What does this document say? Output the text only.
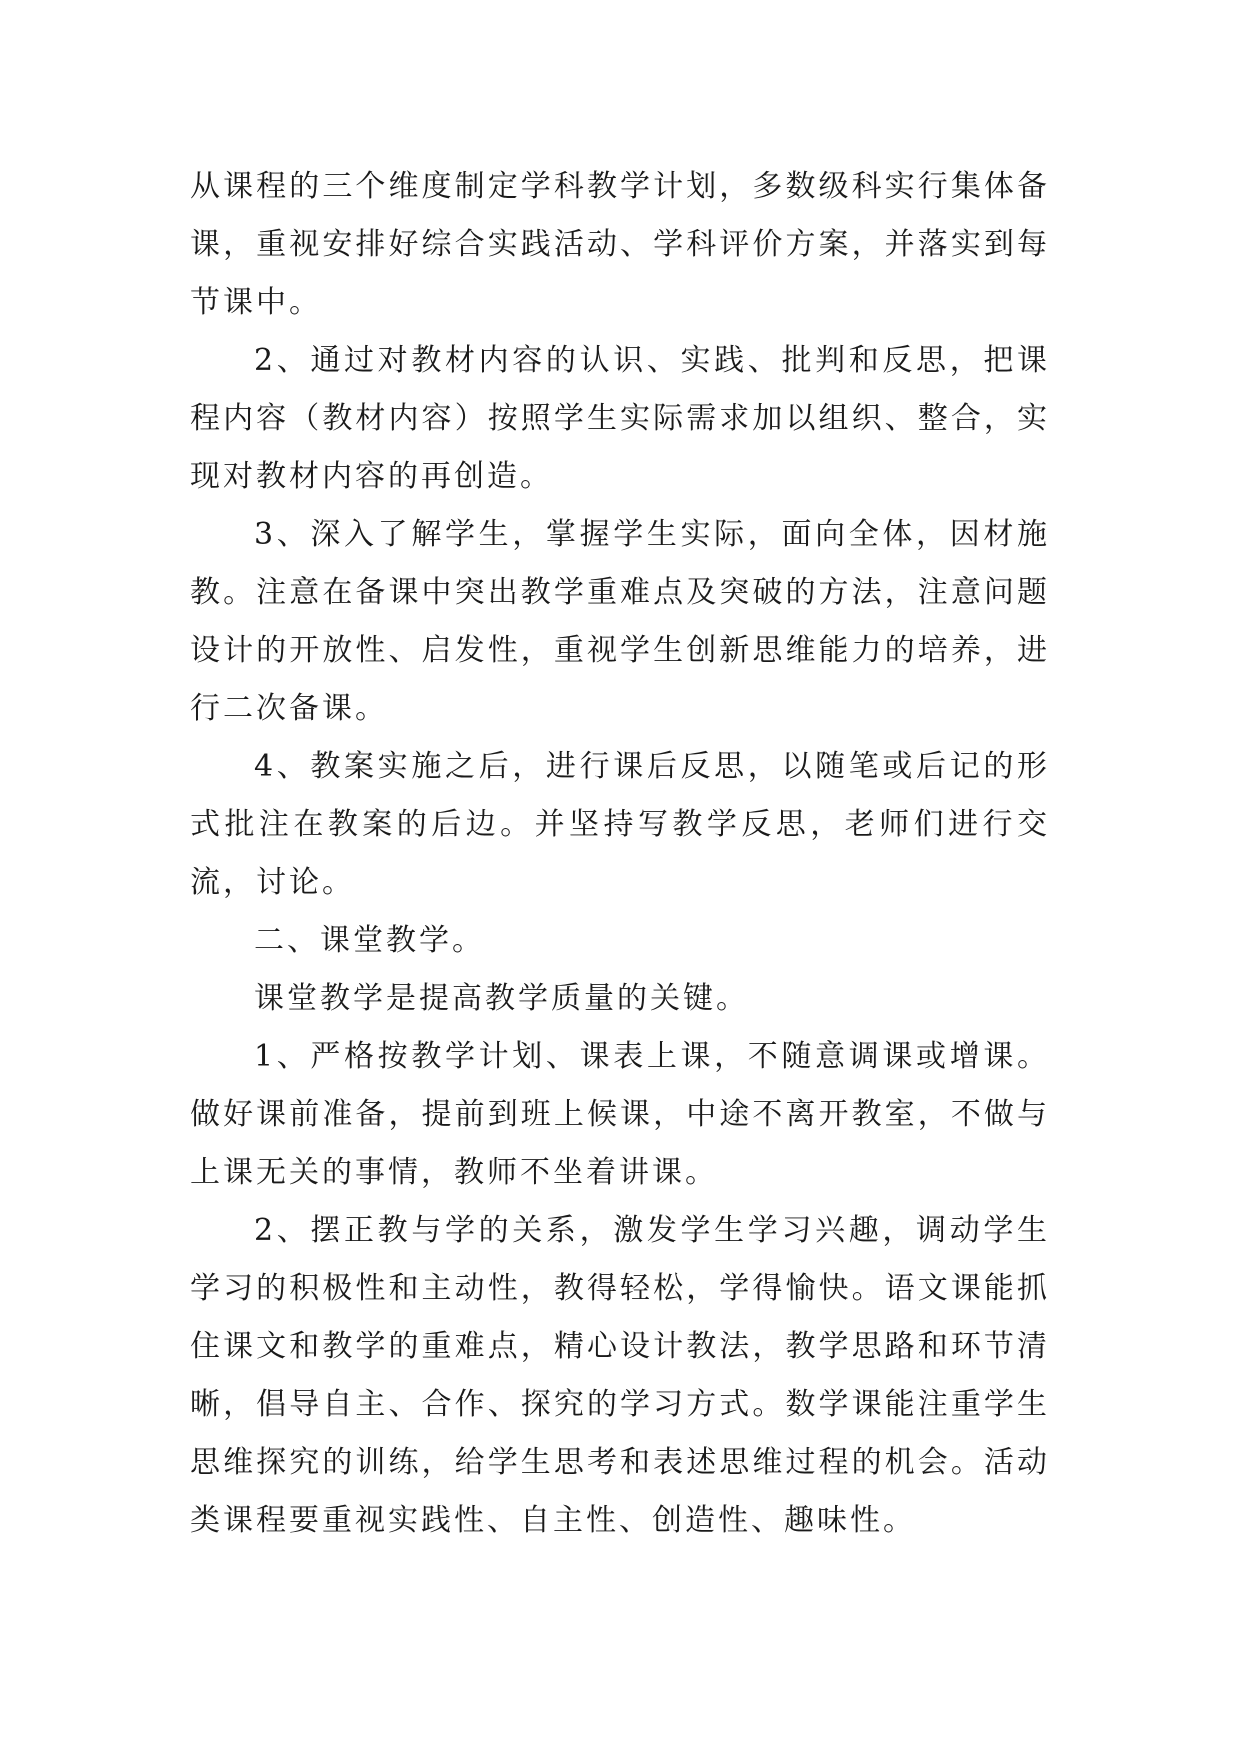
从课程的三个维度制定学科教学计划，多数级科实行集体备课，重视安排好综合实践活动、学科评价方案，并落实到每节课中。

2、通过对教材内容的认识、实践、批判和反思，把课程内容（教材内容）按照学生实际需求加以组织、整合，实现对教材内容的再创造。

3、深入了解学生，掌握学生实际，面向全体，因材施教。注意在备课中突出教学重难点及突破的方法，注意问题设计的开放性、启发性，重视学生创新思维能力的培养，进行二次备课。

4、教案实施之后，进行课后反思，以随笔或后记的形式批注在教案的后边。并坚持写教学反思，老师们进行交流，讨论。

二、课堂教学。

课堂教学是提高教学质量的关键。

1、严格按教学计划、课表上课，不随意调课或增课。做好课前准备，提前到班上候课，中途不离开教室，不做与上课无关的事情，教师不坐着讲课。

2、摆正教与学的关系，激发学生学习兴趣，调动学生学习的积极性和主动性，教得轻松，学得愉快。语文课能抓住课文和教学的重难点，精心设计教法，教学思路和环节清晰，倡导自主、合作、探究的学习方式。数学课能注重学生思维探究的训练，给学生思考和表述思维过程的机会。活动类课程要重视实践性、自主性、创造性、趣味性。
